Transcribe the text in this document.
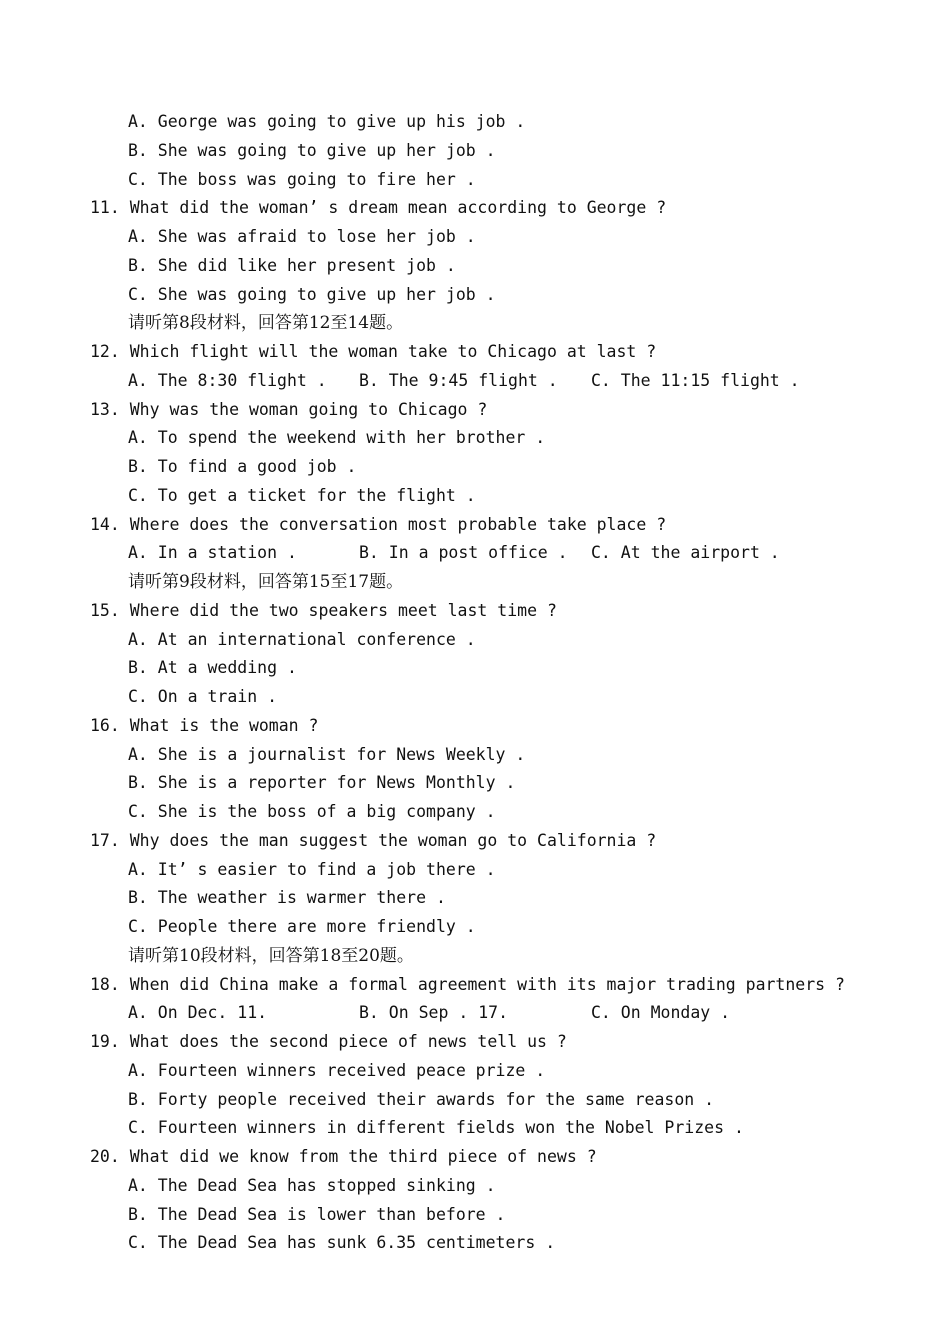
A. George was going to give up his job .
B. She was going to give up her job .
C. The boss was going to fire her .
11. What did the woman’ s dream mean according to George ?
A. She was afraid to lose her job .
B. She did like her present job .
C. She was going to give up her job .
请听第8段材料，回答第12至14题。
12. Which flight will the woman take to Chicago at last ?
A. The 8:30 flight .	B. The 9:45 flight .	C. The 11:15 flight .
13. Why was the woman going to Chicago ?
A. To spend the weekend with her brother .
B. To find a good job .
C. To get a ticket for the flight .
14. Where does the conversation most probable take place ?
A. In a station .	B. In a post office .	C. At the airport .
请听第9段材料，回答第15至17题。
15. Where did the two speakers meet last time ?
A. At an international conference .
B. At a wedding .
C. On a train .
16. What is the woman ?
A. She is a journalist for News Weekly .
B. She is a reporter for News Monthly .
C. She is the boss of a big company .
17. Why does the man suggest the woman go to California ?
A. It’ s easier to find a job there .
B. The weather is warmer there .
C. People there are more friendly .
请听第10段材料，回答第18至20题。
18. When did China make a formal agreement with its major trading partners ?
A. On Dec. 11.	B. On Sep . 17.	C. On Monday .
19. What does the second piece of news tell us ?
A. Fourteen winners received peace prize .
B. Forty people received their awards for the same reason .
C. Fourteen winners in different fields won the Nobel Prizes .
20. What did we know from the third piece of news ?
A. The Dead Sea has stopped sinking .
B. The Dead Sea is lower than before .
C. The Dead Sea has sunk 6.35 centimeters .
